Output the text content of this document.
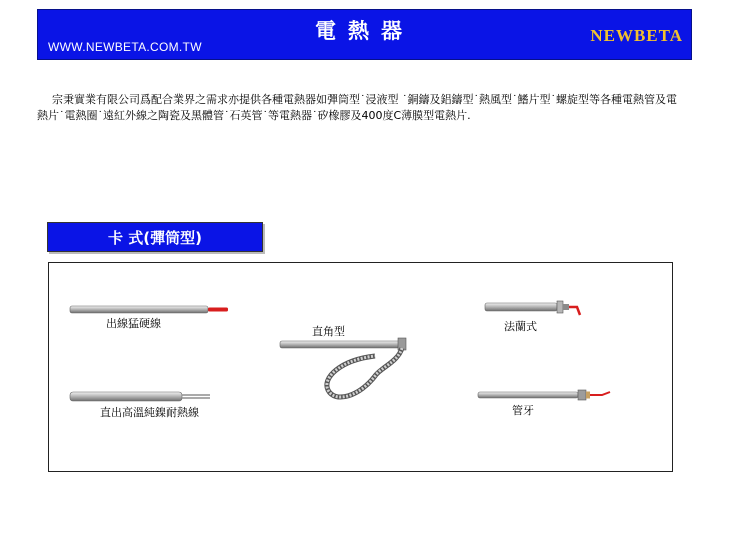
WWW.NEWBETA.COM.TW
電熱器	NEWBETA
宗秉實業有限公司爲配合業界之需求亦提供各種電熱器如彈筒型˙浸液型 ˙銅鑄及鋁鑄型˙熱風型˙鰭片型˙螺旋型等各種電熱管及電熱片˙電熱圈˙遠紅外線之陶瓷及黑體管˙石英管˙等電熱器˙矽橡膠及400度C薄膜型電熱片.
卡 式(彈筒型)
出線猛硬線
直角型	法蘭式
直出高溫純鎳耐熱線	管牙
